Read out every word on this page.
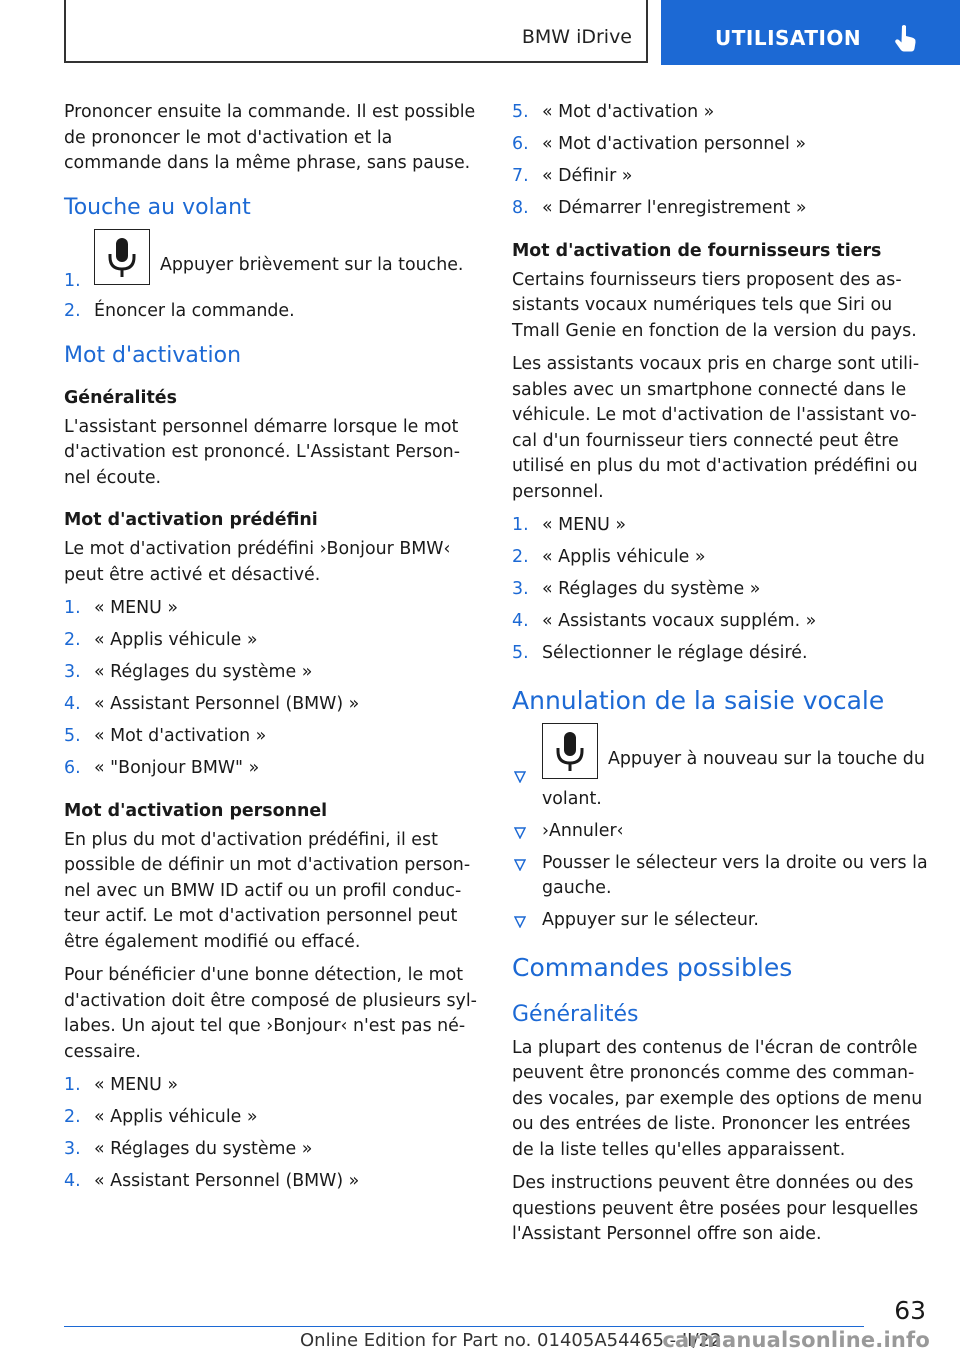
BMW iDrive	UTILISATION

Prononcer ensuite la commande. Il est possible de prononcer le mot d'activation et la commande dans la même phrase, sans pause.

Touche au volant
1.
Appuyer brièvement sur la touche.
2. Énoncer la commande.
Mot d'activation
Généralités

L'assistant personnel démarre lorsque le mot d'activation est prononcé. L'Assistant Personnel écoute.

Mot d'activation prédéfini

Le mot d'activation prédéfini ›Bonjour BMW‹ peut être activé et désactivé.

1. « MENU »
2. « Applis véhicule »
3. « Réglages du système »
4. « Assistant Personnel (BMW) »
5. « Mot d'activation »
6. « "Bonjour BMW" »
Mot d'activation personnel

En plus du mot d'activation prédéfini, il est possible de définir un mot d'activation personnel avec un BMW ID actif ou un profil conducteur actif. Le mot d'activation personnel peut être également modifié ou effacé.

Pour bénéficier d'une bonne détection, le mot d'activation doit être composé de plusieurs syllabes. Un ajout tel que ›Bonjour‹ n'est pas nécessaire.

1. « MENU »
2. « Applis véhicule »
3. « Réglages du système »
4. « Assistant Personnel (BMW) »
5. « Mot d'activation »
6. « Mot d'activation personnel »
7. « Définir »
8. « Démarrer l'enregistrement »
Mot d'activation de fournisseurs tiers

Certains fournisseurs tiers proposent des assistants vocaux numériques tels que Siri ou Tmall Genie en fonction de la version du pays.

Les assistants vocaux pris en charge sont utilisables avec un smartphone connecté dans le véhicule. Le mot d'activation de l'assistant vocal d'un fournisseur tiers connecté peut être utilisé en plus du mot d'activation prédéfini ou personnel.

1. « MENU »
2. « Applis véhicule »
3. « Réglages du système »
4. « Assistants vocaux supplém. »
5. Sélectionner le réglage désiré.
Annulation de la saisie vocale
Appuyer à nouveau sur la touche du volant.
›Annuler‹
Pousser le sélecteur vers la droite ou vers la gauche.
Appuyer sur le sélecteur.
Commandes possibles
Généralités

La plupart des contenus de l'écran de contrôle peuvent être prononcés comme des commandes vocales, par exemple des options de menu ou des entrées de liste. Prononcer les entrées de la liste telles qu'elles apparaissent.

Des instructions peuvent être données ou des questions peuvent être posées pour lesquelles l'Assistant Personnel offre son aide.

63
Online Edition for Part no. 01405A54465 - II/22
carmanualsonline.info
